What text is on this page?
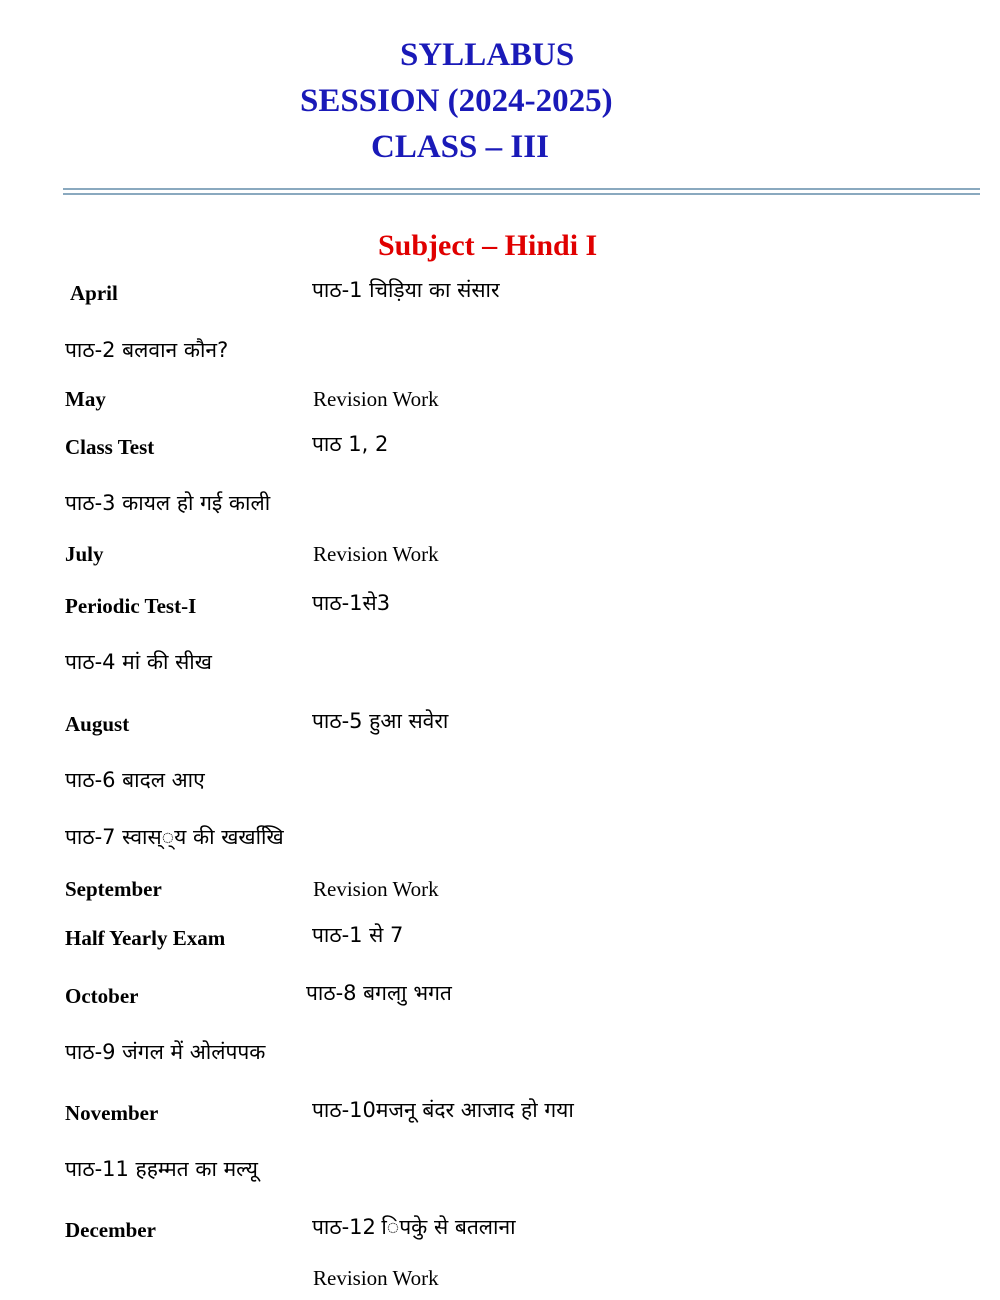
SYLLABUS
SESSION (2024-2025)
CLASS – III
Subject – Hindi I
April	पाठ-1 चिड़िया का संसार
पाठ-2 बलवान कौन?
May	Revision Work
Class Test	पाठ 1, 2
पाठ-3 कायल हो गई काली
July	Revision Work
Periodic Test-I	पाठ-1से3
पाठ-4 मां की सीख
August	पाठ-5 हुआ सवेरा
पाठ-6 बादल आए
पाठ-7 स्वास््य की खखखिि
September	Revision Work
Half Yearly Exam	पाठ-1 से 7
October	पाठ-8 बगलाु भगत
पाठ-9 जंगल में ओलंपपक
November	पाठ-10मजनू बंदर आजाद हो गया
पाठ-11 हहम्मत का मल्यू
December	पाठ-12 िपकेु से बतलाना
Revision Work
